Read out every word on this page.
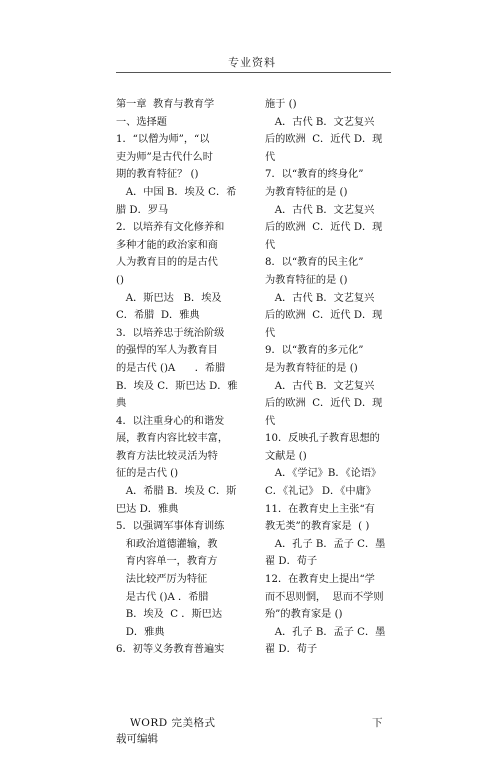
专业资料
第一章  教育与教育学
一、选择题
1．“以僧为师”，“以
吏为师”是古代什么时
期的教育特征？ ()
A．中国 B．埃及 C．希
腊 D．罗马
2．以培养有文化修养和
多种才能的政治家和商
人为教育目的的是古代
()
A．斯巴达   B．埃及
C．希腊  D．雅典
3．以培养忠于统治阶级
的强悍的军人为教育目
的是古代 ()A      ．希腊
B．埃及 C．斯巴达 D．雅
典
4．以注重身心的和谐发
展，教育内容比较丰富，
教育方法比较灵活为特
征的是古代 ()
A．希腊 B．埃及 C．斯
巴达 D．雅典
5．以强调军事体育训练
和政治道德灌输，教
育内容单一，教育方
法比较严厉为特征
是古代 ()A ．希腊
B．埃及  C ．斯巴达
D．雅典
6．初等义务教育普遍实
施于 ()
A．古代 B．文艺复兴
后的欧洲  C．近代 D．现
代
7．以“教育的终身化”
为教育特征的是 ()
A．古代 B．文艺复兴
后的欧洲  C．近代 D．现
代
8．以“教育的民主化”
为教育特征的是 ()
A．古代 B．文艺复兴
后的欧洲  C．近代 D．现
代
9．以“教育的多元化”
是为教育特征的是 ()
A．古代 B．文艺复兴
后的欧洲  C．近代 D．现
代
10．反映孔子教育思想的
文献是 ()
A．《学记》B．《论语》
C．《礼记》 D．《中庸》
11．在教育史上主张“有
教无类”的教育家是  ( )
A．孔子 B．孟子 C．墨
翟 D．荀子
12．在教育史上提出“学
而不思则惘，  思而不学则
殆”的教育家是 ()
A．孔子 B．孟子 C．墨
翟 D．荀子
WORD 完美格式
载可编辑
下
